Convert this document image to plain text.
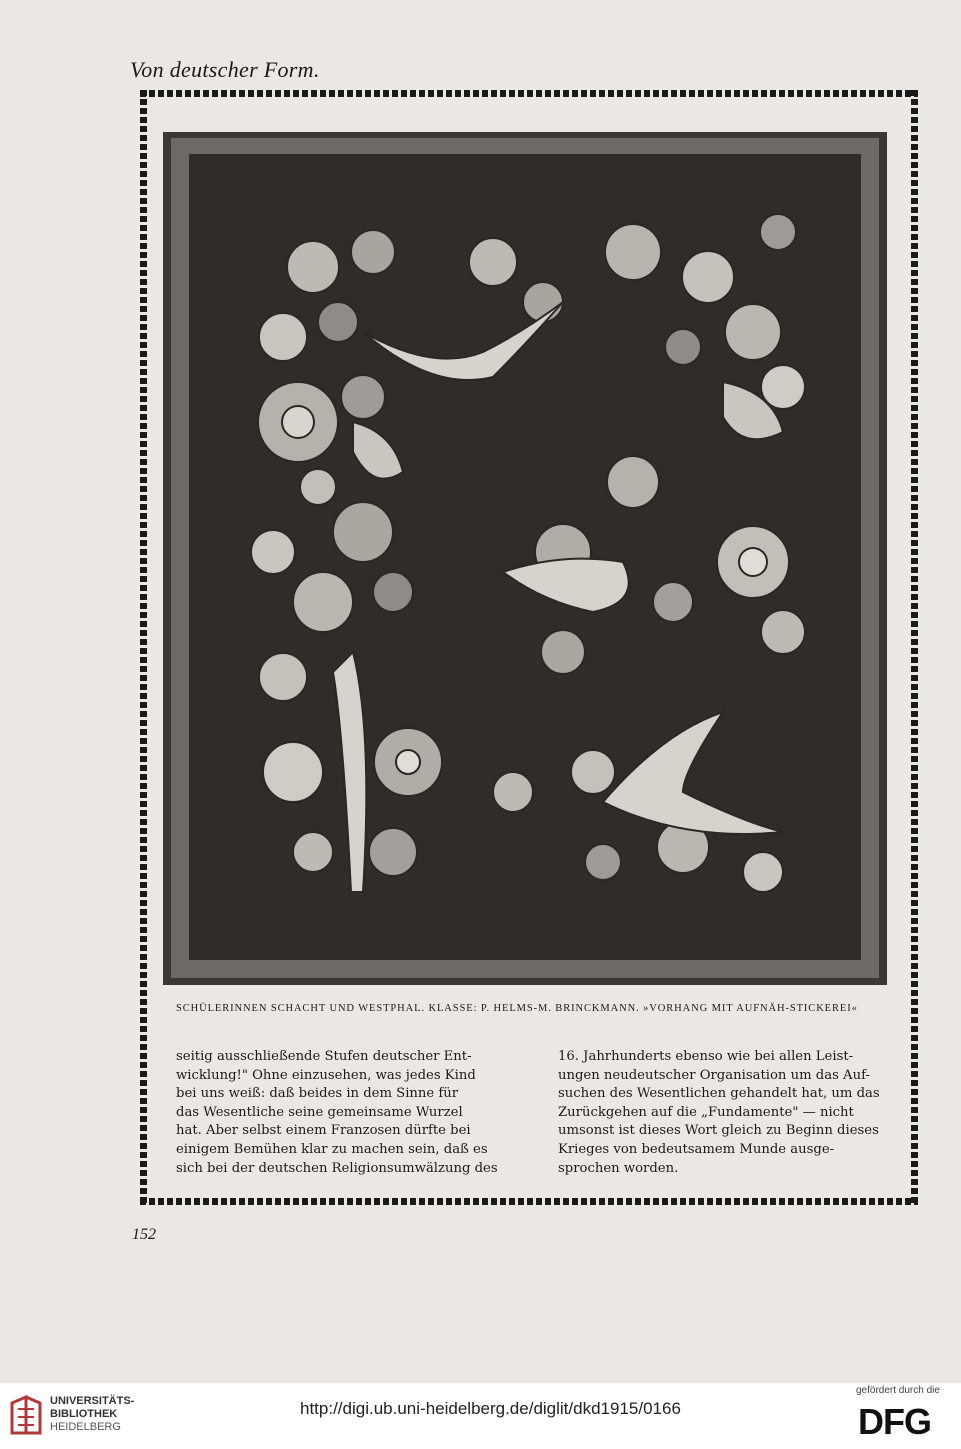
Von deutscher Form.
SCHÜLERINNEN SCHACHT UND WESTPHAL. KLASSE: P. HELMS-M. BRINCKMANN. »VORHANG MIT AUFNÄH-STICKEREI«

seitig ausschließende Stufen deutscher Ent-

wicklung!" Ohne einzusehen, was jedes Kind

bei uns weiß: daß beides in dem Sinne für

das Wesentliche seine gemeinsame Wurzel

hat. Aber selbst einem Franzosen dürfte bei

einigem Bemühen klar zu machen sein, daß es

sich bei der deutschen Religionsumwälzung des

16. Jahrhunderts ebenso wie bei allen Leist-

ungen neudeutscher Organisation um das Auf-

suchen des Wesentlichen gehandelt hat, um das

Zurückgehen auf die „Fundamente" — nicht

umsonst ist dieses Wort gleich zu Beginn dieses

Krieges von bedeutsamem Munde ausge-

sprochen worden.

152
UNIVERSITÄTS-
BIBLIOTHEK
HEIDELBERG
http://digi.ub.uni-heidelberg.de/diglit/dkd1915/0166
gefördert durch die
DFG
